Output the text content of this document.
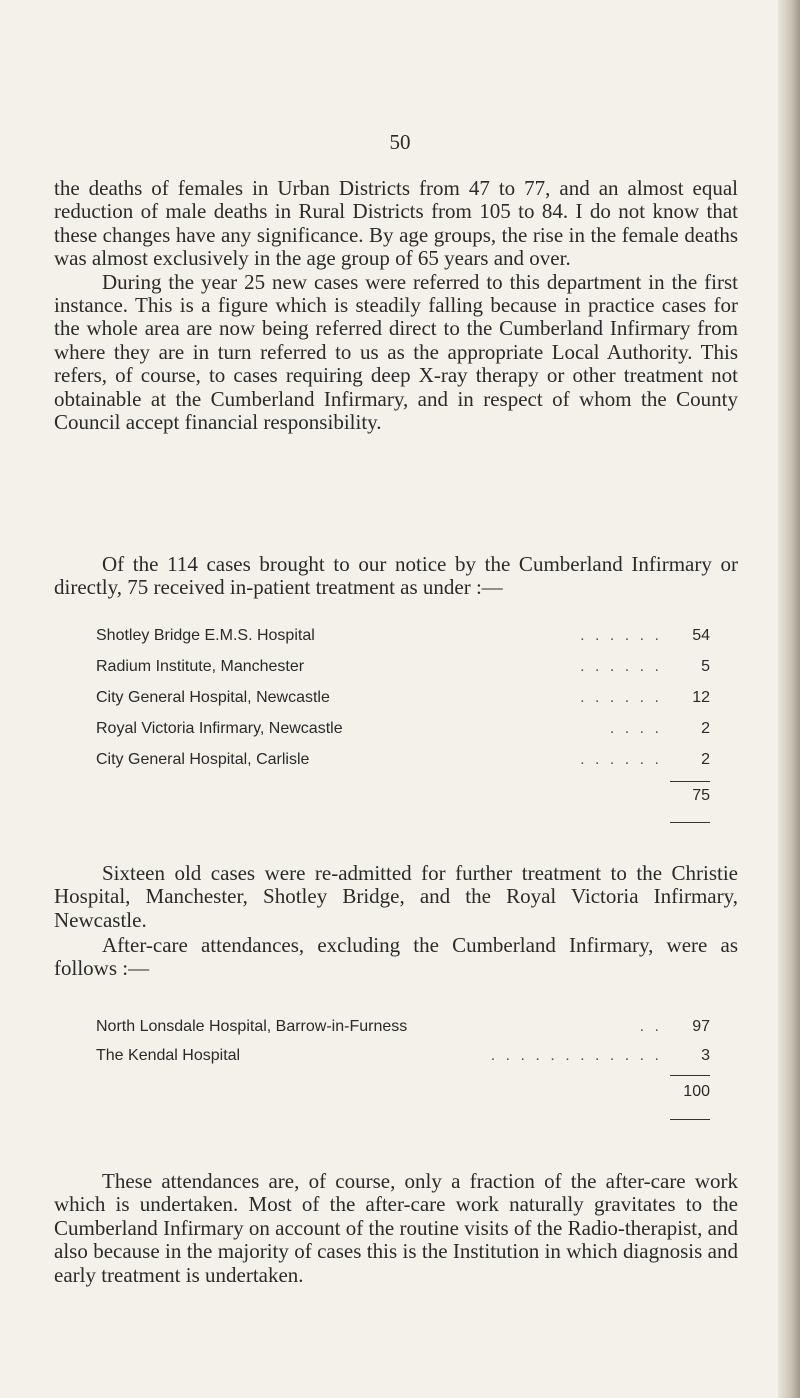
50

the deaths of females in Urban Districts from 47 to 77, and an almost equal reduction of male deaths in Rural Districts from 105 to 84. I do not know that these changes have any significance. By age groups, the rise in the female deaths was almost exclusively in the age group of 65 years and over.

During the year 25 new cases were referred to this department in the first instance. This is a figure which is steadily falling because in practice cases for the whole area are now being referred direct to the Cumberland Infirmary from where they are in turn referred to us as the appropriate Local Authority. This refers, of course, to cases requiring deep X-ray therapy or other treatment not obtainable at the Cumberland Infirmary, and in respect of whom the County Council accept financial responsibility.

Of the 114 cases brought to our notice by the Cumberland Infirmary or directly, 75 received in-patient treatment as under :—

Shotley Bridge E.M.S. Hospital	. . . . . .	54
Radium Institute, Manchester	. . . . . .	5
City General Hospital, Newcastle	. . . . . .	12
Royal Victoria Infirmary, Newcastle	. . . .	2
City General Hospital, Carlisle	. . . . . .	2
75

Sixteen old cases were re-admitted for further treatment to the Christie Hospital, Manchester, Shotley Bridge, and the Royal Victoria Infirmary, Newcastle.

After-care attendances, excluding the Cumberland Infirmary, were as follows :—

North Lonsdale Hospital, Barrow-in-Furness	. .	97
The Kendal Hospital	. . . . . . . . . . . .	3
100

These attendances are, of course, only a fraction of the after-care work which is undertaken. Most of the after-care work naturally gravitates to the Cumberland Infirmary on account of the routine visits of the Radio-therapist, and also because in the majority of cases this is the Institution in which diagnosis and early treatment is undertaken.
